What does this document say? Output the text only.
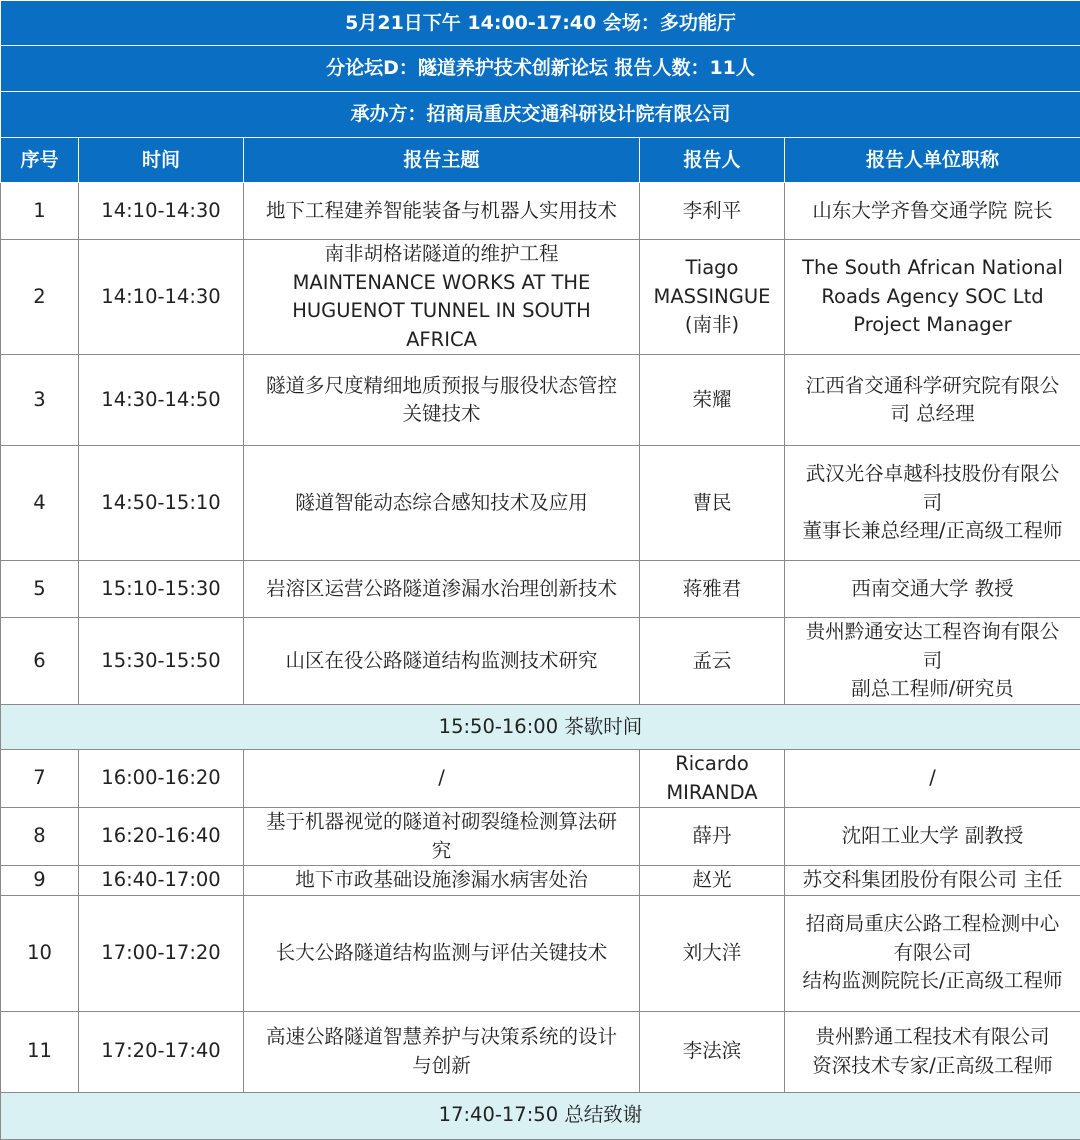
5月21日下午 14:00-17:40 会场：多功能厅				
分论坛D：隧道养护技术创新论坛 报告人数：11人				
承办方：招商局重庆交通科研设计院有限公司				
序号	时间	报告主题	报告人	报告人单位职称
1	14:10-14:30	地下工程建养智能装备与机器人实用技术	李利平	山东大学齐鲁交通学院 院长

2	14:10-14:30	南非胡格诺隧道的维护工程
MAINTENANCE WORKS AT THE
HUGUENOT TUNNEL IN SOUTH
AFRICA	Tiago
MASSINGUE
(南非)	The South African National
Roads Agency SOC Ltd
Project Manager

3	14:30-14:50	隧道多尺度精细地质预报与服役状态管控
关键技术	荣耀	江西省交通科学研究院有限公
司 总经理

4	14:50-15:10	隧道智能动态综合感知技术及应用	曹民	武汉光谷卓越科技股份有限公
司
董事长兼总经理/正高级工程师

5	15:10-15:30	岩溶区运营公路隧道渗漏水治理创新技术	蒋雅君	西南交通大学 教授

6	15:30-15:50	山区在役公路隧道结构监测技术研究	孟云	贵州黔通安达工程咨询有限公
司
副总工程师/研究员

15:50-16:00 茶歇时间				
7	16:00-16:20	/	Ricardo
MIRANDA	/

8	16:20-16:40	基于机器视觉的隧道衬砌裂缝检测算法研
究	薛丹	沈阳工业大学 副教授

9	16:40-17:00	地下市政基础设施渗漏水病害处治	赵光	苏交科集团股份有限公司 主任

10	17:00-17:20	长大公路隧道结构监测与评估关键技术	刘大洋	招商局重庆公路工程检测中心
有限公司
结构监测院院长/正高级工程师

11	17:20-17:40	高速公路隧道智慧养护与决策系统的设计
与创新	李法滨	贵州黔通工程技术有限公司
资深技术专家/正高级工程师

17:40-17:50 总结致谢				
